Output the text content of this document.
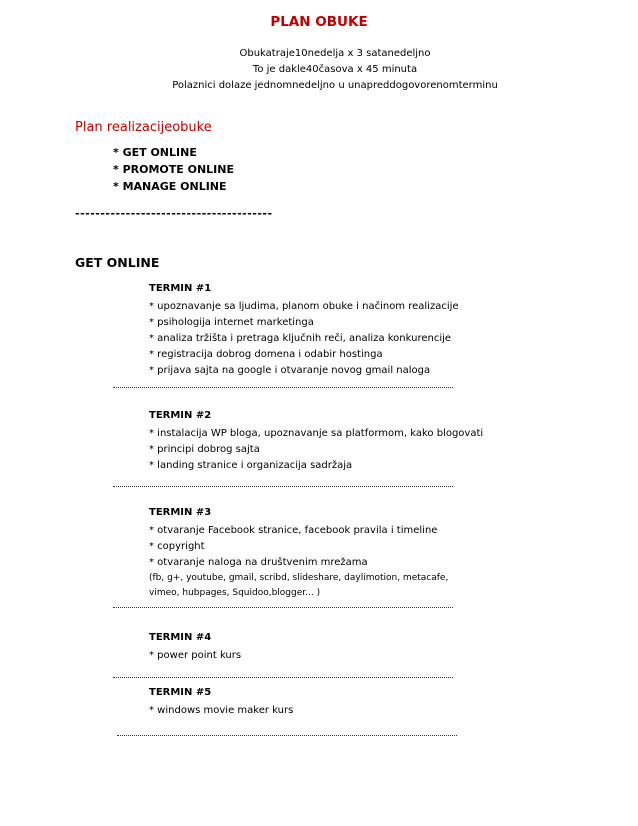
PLAN OBUKE
Obukatraje10nedelja x 3 satanedeljno
To je dakle40časova x 45 minuta
Polaznici dolaze jednomnedeljno u unapreddogovorenomterminu
Plan realizacijeobuke
* GET ONLINE
* PROMOTE ONLINE
* MANAGE ONLINE
---------------------------------------
GET ONLINE
TERMIN #1
* upoznavanje sa ljudima, planom obuke i načinom realizacije
* psihologija internet marketinga
* analiza tržišta i pretraga ključnih reči, analiza konkurencije
* registracija dobrog domena i odabir hostinga
* prijava sajta na google i otvaranje novog gmail naloga
TERMIN #2
* instalacija WP bloga, upoznavanje sa platformom, kako blogovati
* principi dobrog sajta
* landing stranice i organizacija sadržaja
TERMIN #3
* otvaranje Facebook stranice, facebook pravila i timeline
* copyright
* otvaranje naloga na društvenim mrežama
(fb, g+, youtube, gmail, scribd, slideshare, daylimotion, metacafe,
vimeo, hubpages, Squidoo,blogger... )
TERMIN #4
* power point kurs
TERMIN #5
* windows movie maker kurs
